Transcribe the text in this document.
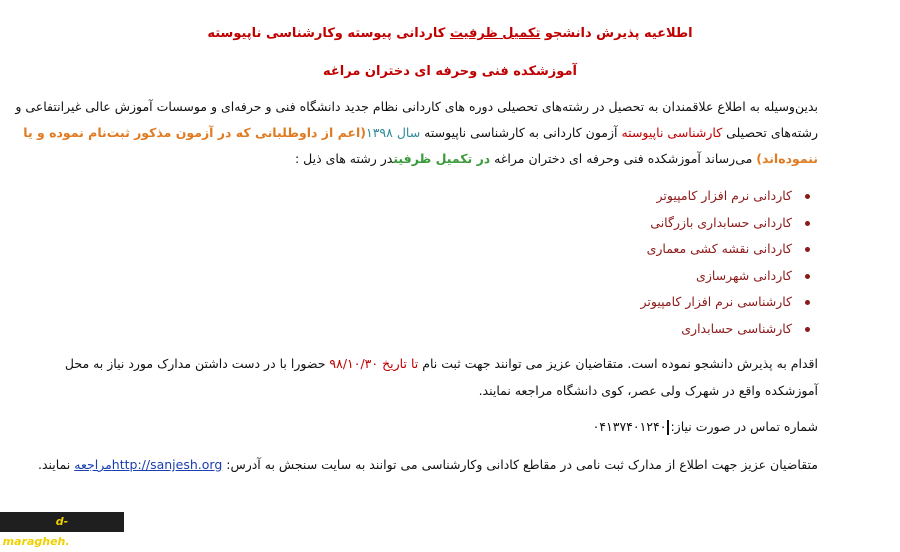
اطلاعیه پذیرش دانشجو تکمیل ظرفیت کاردانی پیوسته وکارشناسی ناپیوسته
آموزشکده فنی وحرفه ای دختران مراغه
بدین‌وسیله به اطلاع علاقمندان به تحصیل در رشته‌های تحصیلی دوره های کاردانی نظام جدید دانشگاه فنی و حرفه‌ای و موسسات آموزش عالی غیرانتفاعی و
رشته‌های تحصیلی کارشناسی ناپیوسته آزمون کاردانی به کارشناسی ناپیوسته سال ۱۳۹۸(اعم از داوطلبانی که در آزمون مذکور ثبت‌نام نموده و یا
ننموده‌اند) می‌رساند آموزشکده فنی وحرفه ای دختران مراغه در تکمیل ظرفیتدر رشته های ذیل :
کاردانی نرم افزار کامپیوتر
کاردانی حسابداری بازرگانی
کاردانی نقشه کشی معماری
کاردانی شهرسازی
کارشناسی نرم افزار کامپیوتر
کارشناسی حسابداری
اقدام به پذیرش دانشجو نموده است. متقاضیان عزیز می توانند جهت ثبت نام تا تاریخ ۹۸/۱۰/۳۰ حضورا با در دست داشتن مدارک مورد نیاز به محل
آموزشکده واقع در شهرک ولی عصر، کوی دانشگاه مراجعه نمایند.
شماره تماس در صورت نیاز:۰۴۱۳۷۴۰۱۲۴۰
متقاضیان عزیز جهت اطلاع از مدارک ثبت نامی در مقاطع کادانی وکارشناسی می توانند به سایت سنجش به آدرس: http://sanjesh.orgمراجعه نمایند.
d-maragheh.tvu.ac.ir
